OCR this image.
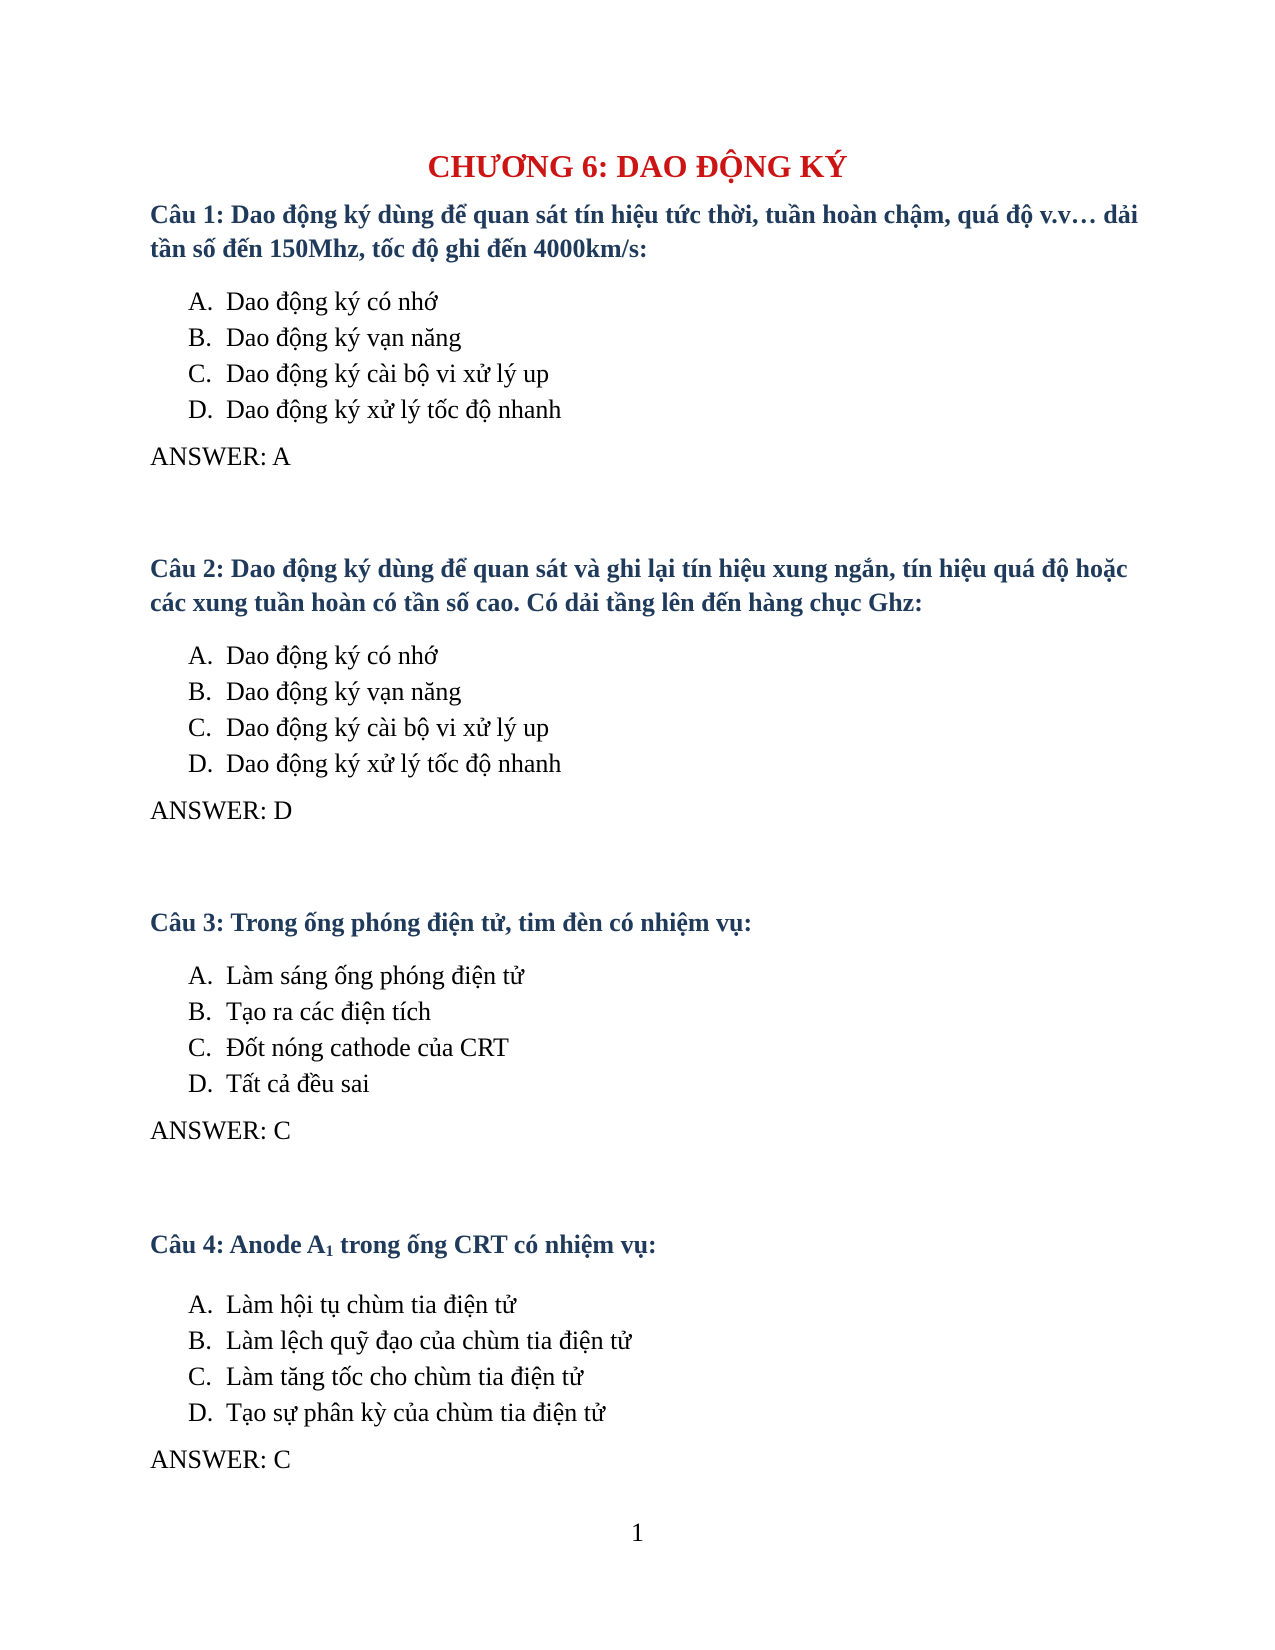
CHƯƠNG 6: DAO ĐỘNG KÝ

Câu 1: Dao động ký dùng để quan sát tín hiệu tức thời, tuần hoàn chậm, quá độ v.v… dải tần số đến 150Mhz, tốc độ ghi đến 4000km/s:

A. Dao động ký có nhớ
B. Dao động ký vạn năng
C. Dao động ký cài bộ vi xử lý up
D. Dao động ký xử lý tốc độ nhanh
ANSWER: A

Câu 2: Dao động ký dùng để quan sát và ghi lại tín hiệu xung ngắn, tín hiệu quá độ hoặc các xung tuần hoàn có tần số cao. Có dải tầng lên đến hàng chục Ghz:

A. Dao động ký có nhớ
B. Dao động ký vạn năng
C. Dao động ký cài bộ vi xử lý up
D. Dao động ký xử lý tốc độ nhanh
ANSWER: D

Câu 3: Trong ống phóng điện tử, tim đèn có nhiệm vụ:

A. Làm sáng ống phóng điện tử
B. Tạo ra các điện tích
C. Đốt nóng cathode của CRT
D. Tất cả đều sai
ANSWER: C

Câu 4: Anode $A_1$ trong ống CRT có nhiệm vụ:

A. Làm hội tụ chùm tia điện tử
B. Làm lệch quỹ đạo của chùm tia điện tử
C. Làm tăng tốc cho chùm tia điện tử
D. Tạo sự phân kỳ của chùm tia điện tử
ANSWER: C
1
